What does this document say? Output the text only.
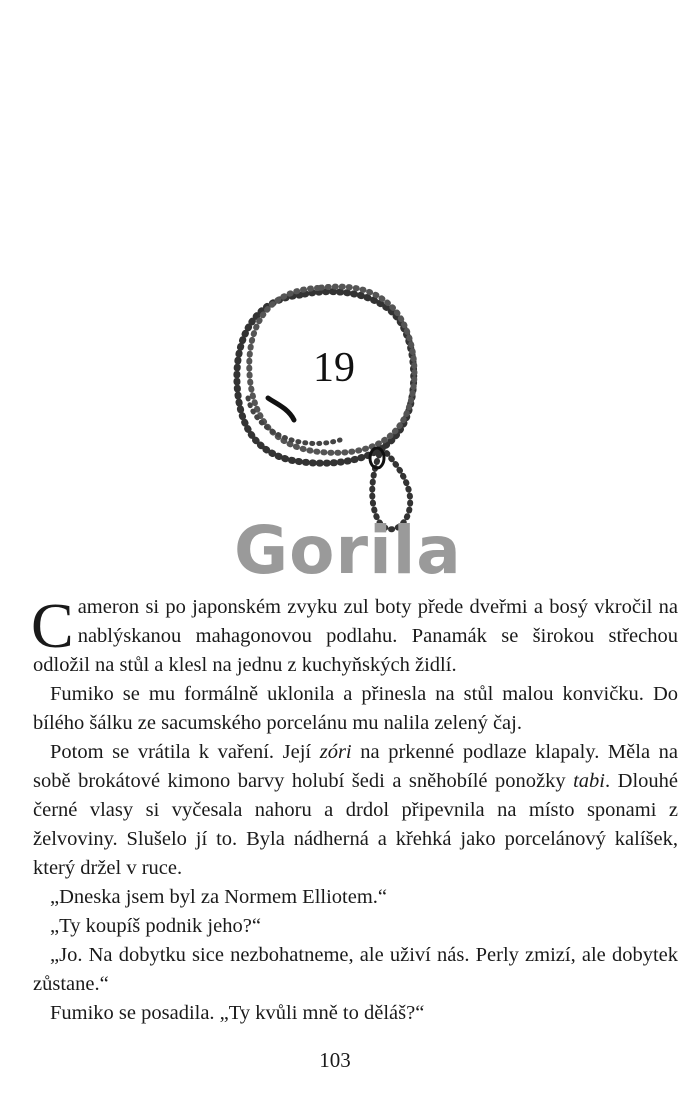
19
Gorila

Cameron si po japonském zvyku zul boty přede dveřmi a bosý vkročil na nablýskanou mahagonovou podlahu. Panamák se širokou střechou odložil na stůl a klesl na jednu z kuchyňských židlí.

Fumiko se mu formálně uklonila a přinesla na stůl malou konvičku. Do bílého šálku ze sacumského porcelánu mu nalila zelený čaj.

Potom se vrátila k vaření. Její zóri na prkenné podlaze klapaly. Měla na sobě brokátové kimono barvy holubí šedi a sněhobílé ponožky tabi. Dlouhé černé vlasy si vyčesala nahoru a drdol připevnila na místo sponami z želvoviny. Slušelo jí to. Byla nádherná a křehká jako porcelánový kalíšek, který držel v ruce.

„Dneska jsem byl za Normem Elliotem.“

„Ty koupíš podnik jeho?“

„Jo. Na dobytku sice nezbohatneme, ale uživí nás. Perly zmizí, ale dobytek zůstane.“

Fumiko se posadila. „Ty kvůli mně to děláš?“

103
